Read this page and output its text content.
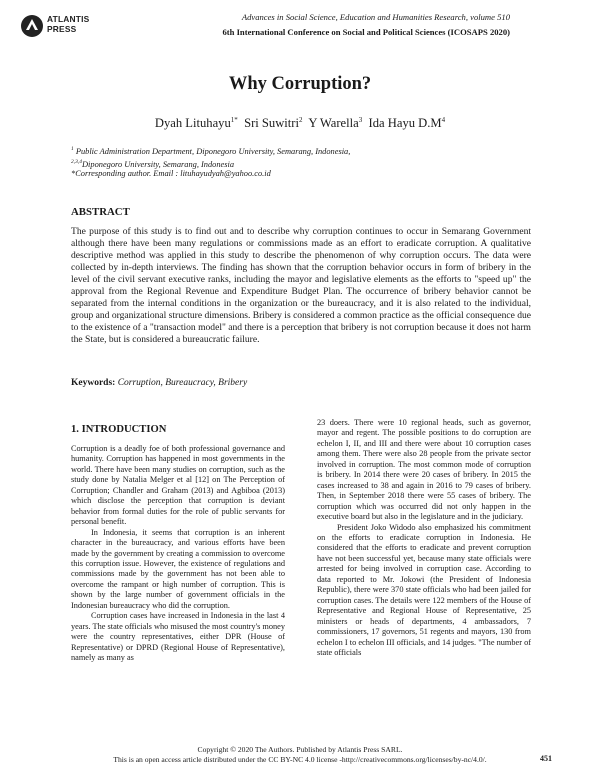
ATLANTIS
PRESS
Advances in Social Science, Education and Humanities Research, volume 510
6th International Conference on Social and Political Sciences (ICOSAPS 2020)
Why Corruption?
Dyah Lituhayu$^{1*}$ Sri Suwitri$^2$ Y Warella$^3$ Ida Hayu $D.M^4$
$^1$ Public Administration Department, Diponegoro University, Semarang, Indonesia,
$^{2,3,4}$Diponegoro University, Semarang, Indonesia
*Corresponding author. Email : lituhayudyah@yahoo.co.id
ABSTRACT
The purpose of this study is to find out and to describe why corruption continues to occur in Semarang Government although there have been many regulations or commissions made as an effort to eradicate corruption. A qualitative descriptive method was applied in this study to describe the phenomenon of why corruption occurs. The data were collected by in-depth interviews. The finding has shown that the corruption behavior occurs in form of bribery in the level of the civil servant executive ranks, including the mayor and legislative elements as the efforts to "speed up" the approval from the Regional Revenue and Expenditure Budget Plan. The occurrence of bribery behavior cannot be separated from the internal conditions in the organization or the bureaucracy, and it is also related to the individual, group and organizational structure dimensions. Bribery is considered a common practice as the official consequence due to the existence of a "transaction model" and there is a perception that bribery is not corruption because it does not harm the State, but is considered a bureaucratic failure.
Keywords: Corruption, Bureaucracy, Bribery
1. INTRODUCTION

Corruption is a deadly foe of both professional governance and humanity. Corruption has happened in most governments in the world. There have been many studies on corruption, such as the study done by Natalia Melger et al [12] on The Perception of Corruption; Chandler and Graham (2013) and Agbiboa (2013) which disclose the perception that corruption is deviant behavior from formal duties for the role of public servants for personal benefit.

In Indonesia, it seems that corruption is an inherent character in the bureaucracy, and various efforts have been made by the government by creating a commission to overcome this corruption issue. However, the existence of regulations and commissions made by the government has not been able to overcome the rampant or high number of corruption. This is shown by the large number of government officials in the Indonesian bureaucracy who did the corruption.

Corruption cases have increased in Indonesia in the last 4 years. The state officials who misused the most country's money were the country representatives, either DPR (House of Representative) or DPRD (Regional House of Representative), namely as many as

23 doers. There were 10 regional heads, such as governor, mayor and regent. The possible positions to do corruption are echelon I, II, and III and there were about 10 corruption cases among them. There were also 28 people from the private sector involved in corruption. The most common mode of corruption is bribery. In 2014 there were 20 cases of bribery. In 2015 the cases increased to 38 and again in 2016 to 79 cases of bribery. Then, in September 2018 there were 55 cases of bribery. The corruption which was occurred did not only happen in the executive board but also in the legislature and in the judiciary.

President Joko Widodo also emphasized his commitment on the efforts to eradicate corruption in Indonesia. He considered that the efforts to eradicate and prevent corruption have not been successful yet, because many state officials were arrested for being involved in corruption case. According to data reported to Mr. Jokowi (the President of Indonesia Republic), there were 370 state officials who had been jailed for corruption cases. The details were 122 members of the House of Representative and Regional House of Representative, 25 ministers or heads of departments, 4 ambassadors, 7 commissioners, 17 governors, 51 regents and mayors, 130 from echelon I to echelon III officials, and 14 judges. "The number of state officials

Copyright © 2020 The Authors. Published by Atlantis Press SARL.
This is an open access article distributed under the CC BY-NC 4.0 license -http://creativecommons.org/licenses/by-nc/4.0/.	451
